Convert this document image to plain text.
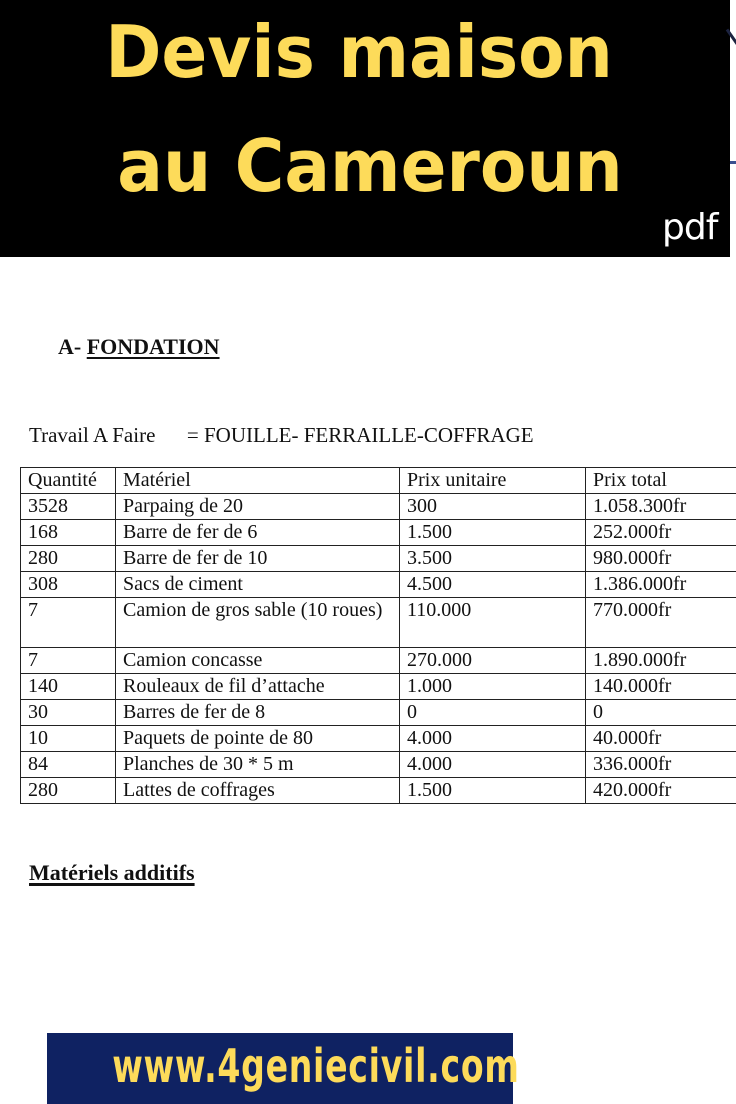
Devis maison
au Cameroun
pdf
A- FONDATION
Travail A Faire = FOUILLE- FERRAILLE-COFFRAGE
Quantité	Matériel	Prix unitaire	Prix total
3528	Parpaing de 20	300	1.058.300fr
168	Barre de fer de 6	1.500	252.000fr
280	Barre de fer de 10	3.500	980.000fr
308	Sacs de ciment	4.500	1.386.000fr
7	Camion de gros sable (10 roues)	110.000	770.000fr
7	Camion concasse	270.000	1.890.000fr
140	Rouleaux de fil d’attache	1.000	140.000fr
30	Barres de fer de 8	0	0
10	Paquets de pointe de 80	4.000	40.000fr
84	Planches de 30 * 5 m	4.000	336.000fr
280	Lattes de coffrages	1.500	420.000fr
Matériels additifs
www.4geniecivil.com
